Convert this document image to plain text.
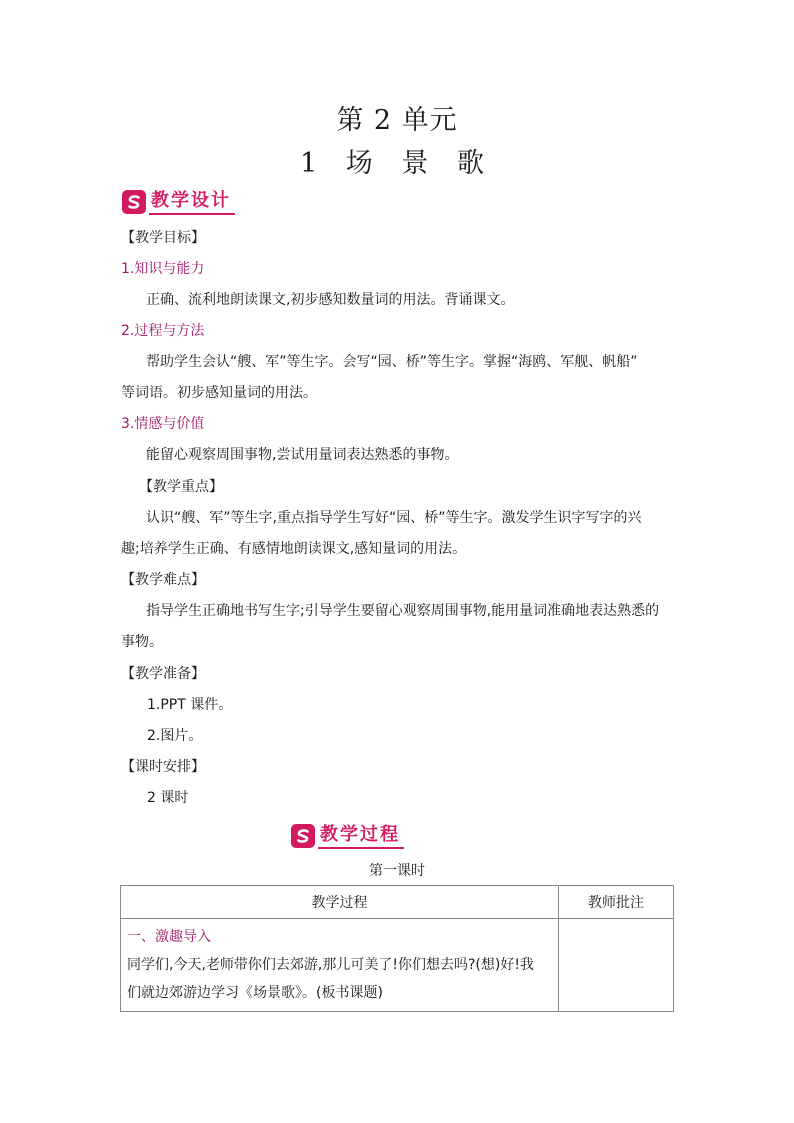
第 2 单元
1 场 景 歌
教学设计
【教学目标】
1.知识与能力
正确、流利地朗读课文,初步感知数量词的用法。背诵课文。
2.过程与方法
帮助学生会认“艘、军”等生字。会写“园、桥”等生字。掌握“海鸥、军舰、帆船”
等词语。初步感知量词的用法。
3.情感与价值
能留心观察周围事物,尝试用量词表达熟悉的事物。
【教学重点】
认识“艘、军”等生字,重点指导学生写好“园、桥”等生字。激发学生识字写字的兴
趣;培养学生正确、有感情地朗读课文,感知量词的用法。
【教学难点】
指导学生正确地书写生字;引导学生要留心观察周围事物,能用量词准确地表达熟悉的
事物。
【教学准备】
1.PPT 课件。
2.图片。
【课时安排】
2 课时
教学过程
第一课时
教学过程	教师批注

一、激趣导入
同学们,今天,老师带你们去郊游,那儿可美了!你们想去吗?(想)好!我
们就边郊游边学习《场景歌》。(板书课题)	
